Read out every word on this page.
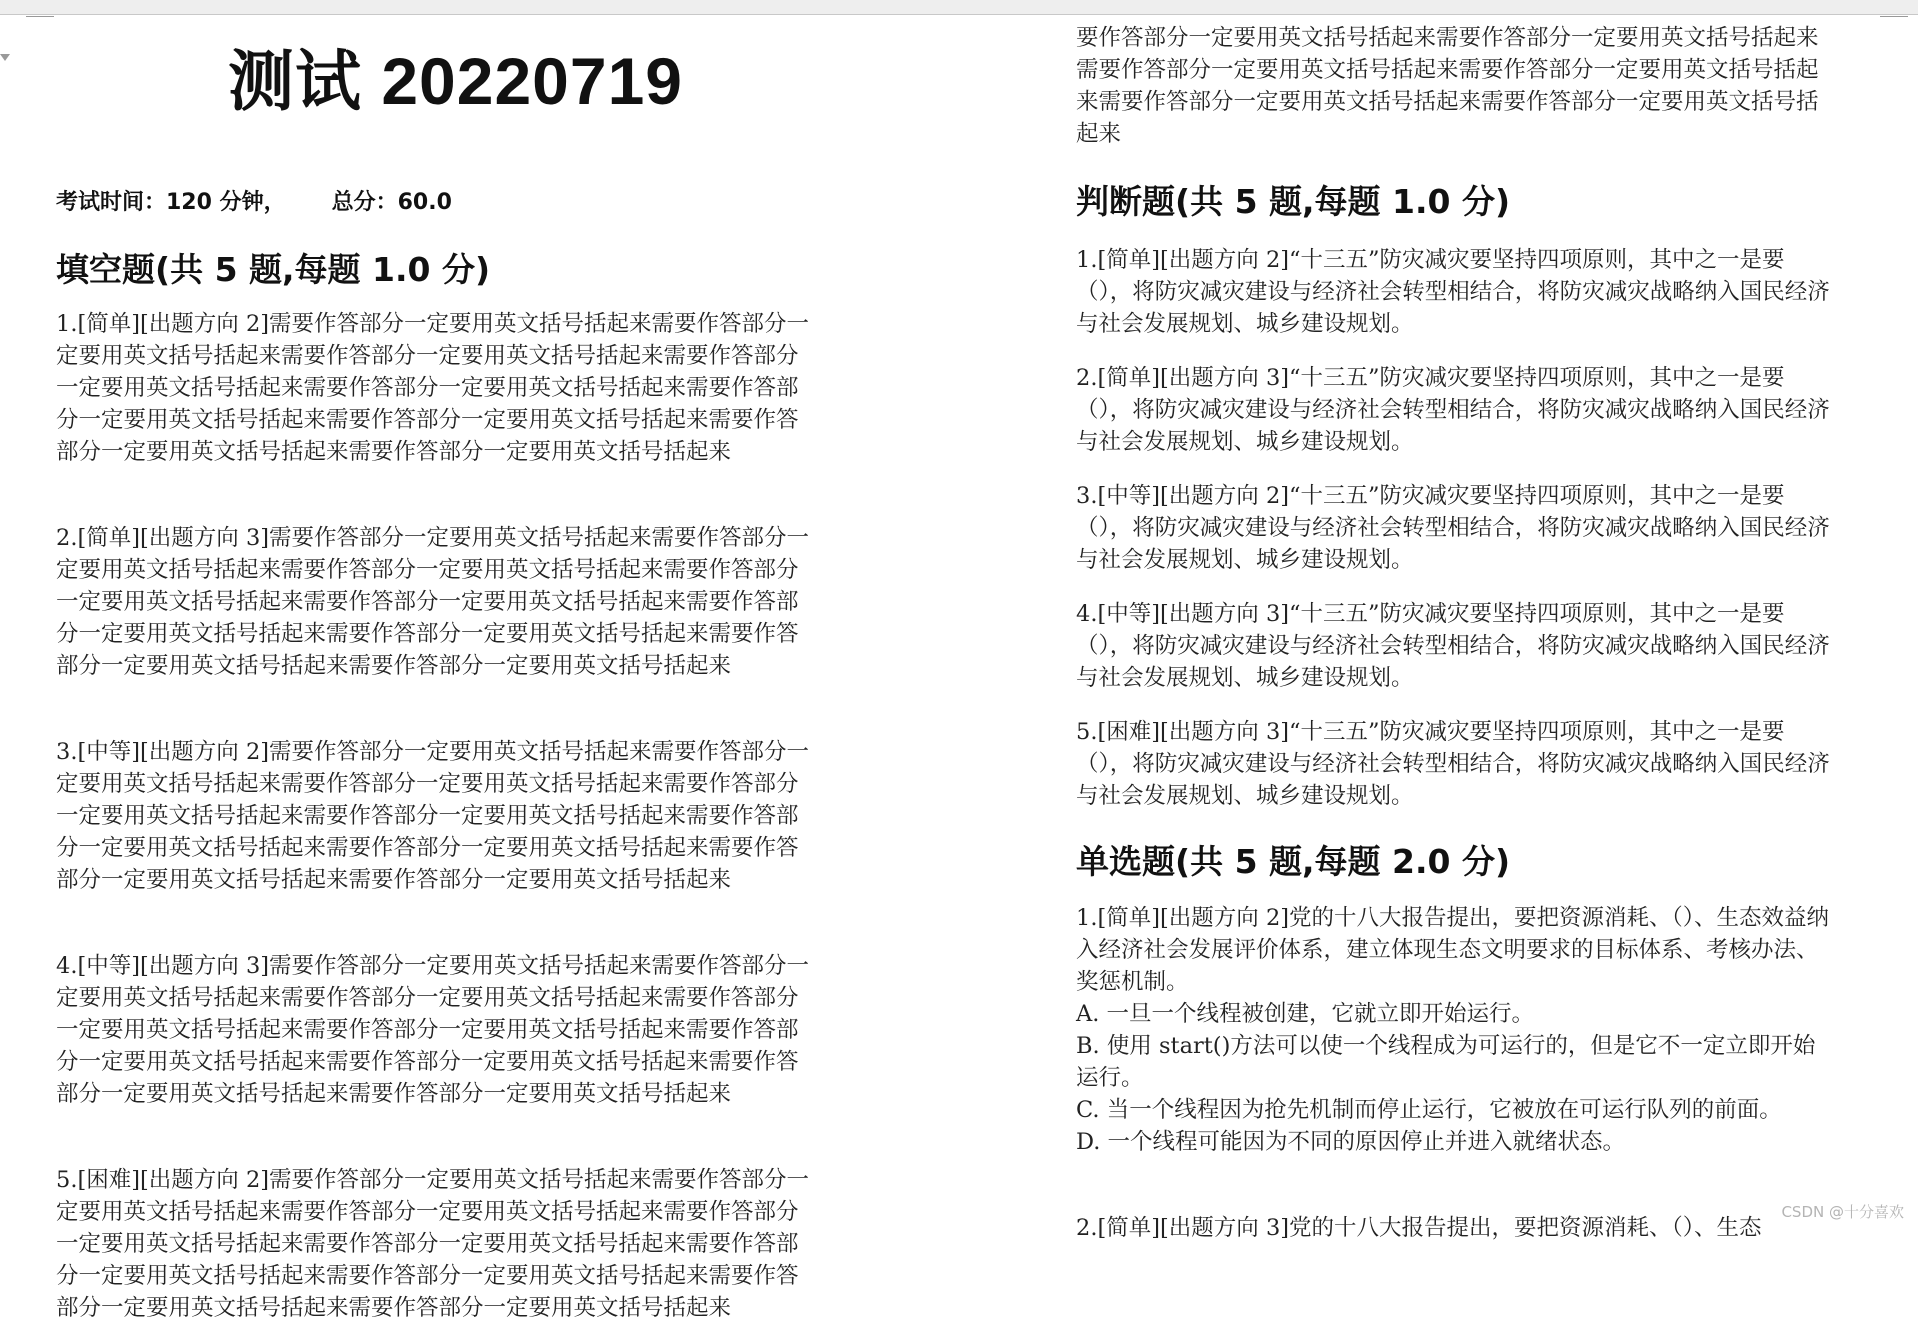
测试 20220719
考试时间：120 分钟， 总分：60.0
填空题(共 5 题,每题 1.0 分)
1.[简单][出题方向 2]需要作答部分一定要用英文括号括起来需要作答部分一定要用英文括号括起来需要作答部分一定要用英文括号括起来需要作答部分一定要用英文括号括起来需要作答部分一定要用英文括号括起来需要作答部分一定要用英文括号括起来需要作答部分一定要用英文括号括起来需要作答部分一定要用英文括号括起来需要作答部分一定要用英文括号括起来
2.[简单][出题方向 3]需要作答部分一定要用英文括号括起来需要作答部分一定要用英文括号括起来需要作答部分一定要用英文括号括起来需要作答部分一定要用英文括号括起来需要作答部分一定要用英文括号括起来需要作答部分一定要用英文括号括起来需要作答部分一定要用英文括号括起来需要作答部分一定要用英文括号括起来需要作答部分一定要用英文括号括起来
3.[中等][出题方向 2]需要作答部分一定要用英文括号括起来需要作答部分一定要用英文括号括起来需要作答部分一定要用英文括号括起来需要作答部分一定要用英文括号括起来需要作答部分一定要用英文括号括起来需要作答部分一定要用英文括号括起来需要作答部分一定要用英文括号括起来需要作答部分一定要用英文括号括起来需要作答部分一定要用英文括号括起来
4.[中等][出题方向 3]需要作答部分一定要用英文括号括起来需要作答部分一定要用英文括号括起来需要作答部分一定要用英文括号括起来需要作答部分一定要用英文括号括起来需要作答部分一定要用英文括号括起来需要作答部分一定要用英文括号括起来需要作答部分一定要用英文括号括起来需要作答部分一定要用英文括号括起来需要作答部分一定要用英文括号括起来
5.[困难][出题方向 2]需要作答部分一定要用英文括号括起来需要作答部分一定要用英文括号括起来需要作答部分一定要用英文括号括起来需要作答部分一定要用英文括号括起来需要作答部分一定要用英文括号括起来需要作答部分一定要用英文括号括起来需要作答部分一定要用英文括号括起来需要作答部分一定要用英文括号括起来需要作答部分一定要用英文括号括起来
要作答部分一定要用英文括号括起来需要作答部分一定要用英文括号括起来需要作答部分一定要用英文括号括起来需要作答部分一定要用英文括号括起来需要作答部分一定要用英文括号括起来需要作答部分一定要用英文括号括起来
判断题(共 5 题,每题 1.0 分)
1.[简单][出题方向 2]“十三五”防灾减灾要坚持四项原则，其中之一是要（），将防灾减灾建设与经济社会转型相结合，将防灾减灾战略纳入国民经济与社会发展规划、城乡建设规划。
2.[简单][出题方向 3]“十三五”防灾减灾要坚持四项原则，其中之一是要（），将防灾减灾建设与经济社会转型相结合，将防灾减灾战略纳入国民经济与社会发展规划、城乡建设规划。
3.[中等][出题方向 2]“十三五”防灾减灾要坚持四项原则，其中之一是要（），将防灾减灾建设与经济社会转型相结合，将防灾减灾战略纳入国民经济与社会发展规划、城乡建设规划。
4.[中等][出题方向 3]“十三五”防灾减灾要坚持四项原则，其中之一是要（），将防灾减灾建设与经济社会转型相结合，将防灾减灾战略纳入国民经济与社会发展规划、城乡建设规划。
5.[困难][出题方向 3]“十三五”防灾减灾要坚持四项原则，其中之一是要（），将防灾减灾建设与经济社会转型相结合，将防灾减灾战略纳入国民经济与社会发展规划、城乡建设规划。
单选题(共 5 题,每题 2.0 分)
1.[简单][出题方向 2]党的十八大报告提出，要把资源消耗、（）、生态效益纳入经济社会发展评价体系，建立体现生态文明要求的目标体系、考核办法、奖惩机制。
A. 一旦一个线程被创建，它就立即开始运行。
B. 使用 start()方法可以使一个线程成为可运行的，但是它不一定立即开始运行。
C. 当一个线程因为抢先机制而停止运行，它被放在可运行队列的前面。
D. 一个线程可能因为不同的原因停止并进入就绪状态。
2.[简单][出题方向 3]党的十八大报告提出，要把资源消耗、（）、生态
CSDN @十分喜欢
